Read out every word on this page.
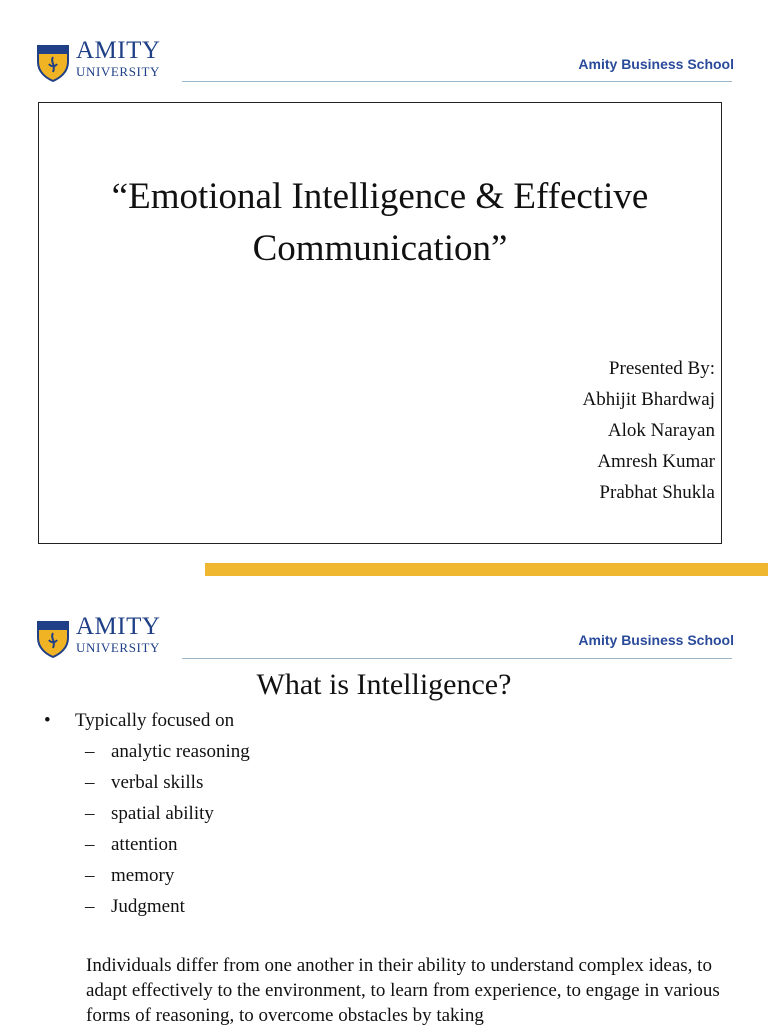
AMITY
UNIVERSITY	Amity Business School
“Emotional Intelligence & Effective
Communication”
Presented By:
Abhijit Bhardwaj
Alok Narayan
Amresh Kumar
Prabhat Shukla
AMITY
UNIVERSITY	Amity Business School
What is Intelligence?
•	Typically focused on
– analytic reasoning
– verbal skills
– spatial ability
– attention
– memory
– Judgment
Individuals differ from one another in their ability to understand complex ideas, to adapt effectively to the environment, to learn from experience, to engage in various forms of reasoning, to overcome obstacles by taking
